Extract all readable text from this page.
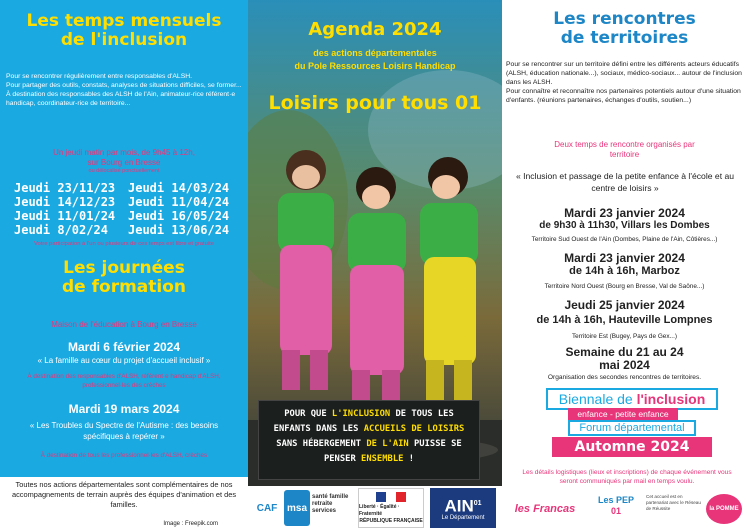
Les temps mensuels
de l'inclusion
Pour se rencontrer régulièrement entre responsables d'ALSH.
Pour partager des outils, constats, analyses de situations difficiles, se former...
À destination des responsables des ALSH de l'Ain, animateur-rice référent·e handicap, coordinateur-rice de territoire...
Un jeudi matin par mois, de 9h45 à 12h,
sur Bourg en Bresse
ou délocalisé ponctuellement
Jeudi 23/11/23	Jeudi 14/03/24
Jeudi 14/12/23	Jeudi 11/04/24
Jeudi 11/01/24	Jeudi 16/05/24
Jeudi 8/02/24	Jeudi 13/06/24
Votre participation à l'un ou plusieurs de ces temps est libre et gratuite
Les journées
de formation
Maison de l'éducation à Bourg en Bresse
Mardi 6 février 2024
« La famille au cœur du projet d'accueil inclusif »
À destination des responsables d'ALSH, référent·e handicap d'ALSH, professionnel·les des crèches
Mardi 19 mars 2024
« Les Troubles du Spectre de l'Autisme : des besoins spécifiques à repérer »
À destination de tous les professionnel·les d'ALSH, crèches
Toutes nos actions départementales sont complémentaires de nos accompagnements de terrain auprès des équipes d'animation et des familles.
Image : Freepik.com
Agenda 2024
des actions départementales
du Pole Ressources Loisirs Handicap
Loisirs pour tous 01
POUR QUE L'INCLUSION DE TOUS LES ENFANTS DANS LES ACCUEILS DE LOISIRS SANS HÉBERGEMENT DE L'AIN PUISSE SE PENSER ENSEMBLE !
Les rencontres
de territoires
Pour se rencontrer sur un territoire défini entre les différents acteurs éducatifs (ALSH, éducation nationale...), sociaux, médico-sociaux... autour de l'inclusion dans les ALSH.
Pour connaître et reconnaître nos partenaires potentiels autour d'une situation d'enfants. (réunions partenaires, échanges d'outils, soutien...)
Deux temps de rencontre organisés par
territoire
« Inclusion et passage de la petite enfance à l'école et au centre de loisirs »
Mardi 23 janvier 2024
de 9h30 à 11h30, Villars les Dombes
Territoire Sud Ouest de l'Ain (Dombes, Plaine de l'Ain, Côtières...)
Mardi 23 janvier 2024
de 14h à 16h, Marboz
Territoire Nord Ouest (Bourg en Bresse, Val de Saône...)
Jeudi 25 janvier 2024
de 14h à 16h, Hauteville Lompnes
Territoire Est (Bugey, Pays de Gex...)
Semaine du 21 au 24
mai 2024
Organisation des secondes rencontres de territoires.
Biennale de l'inclusion
enfance - petite enfance
Forum départemental
Automne 2024
Les détails logistiques (lieux et inscriptions) de chaque événement vous seront communiqués par mail en temps voulu.
les Francas
Les PEP
01
Cet accueil est en partenariat avec le Réseau de Réussite	la POMME
CAF msa
santé famille retraite services
Liberté · Égalité · Fraternité
RÉPUBLIQUE FRANÇAISE
AIN$^{01}$
Le Département
